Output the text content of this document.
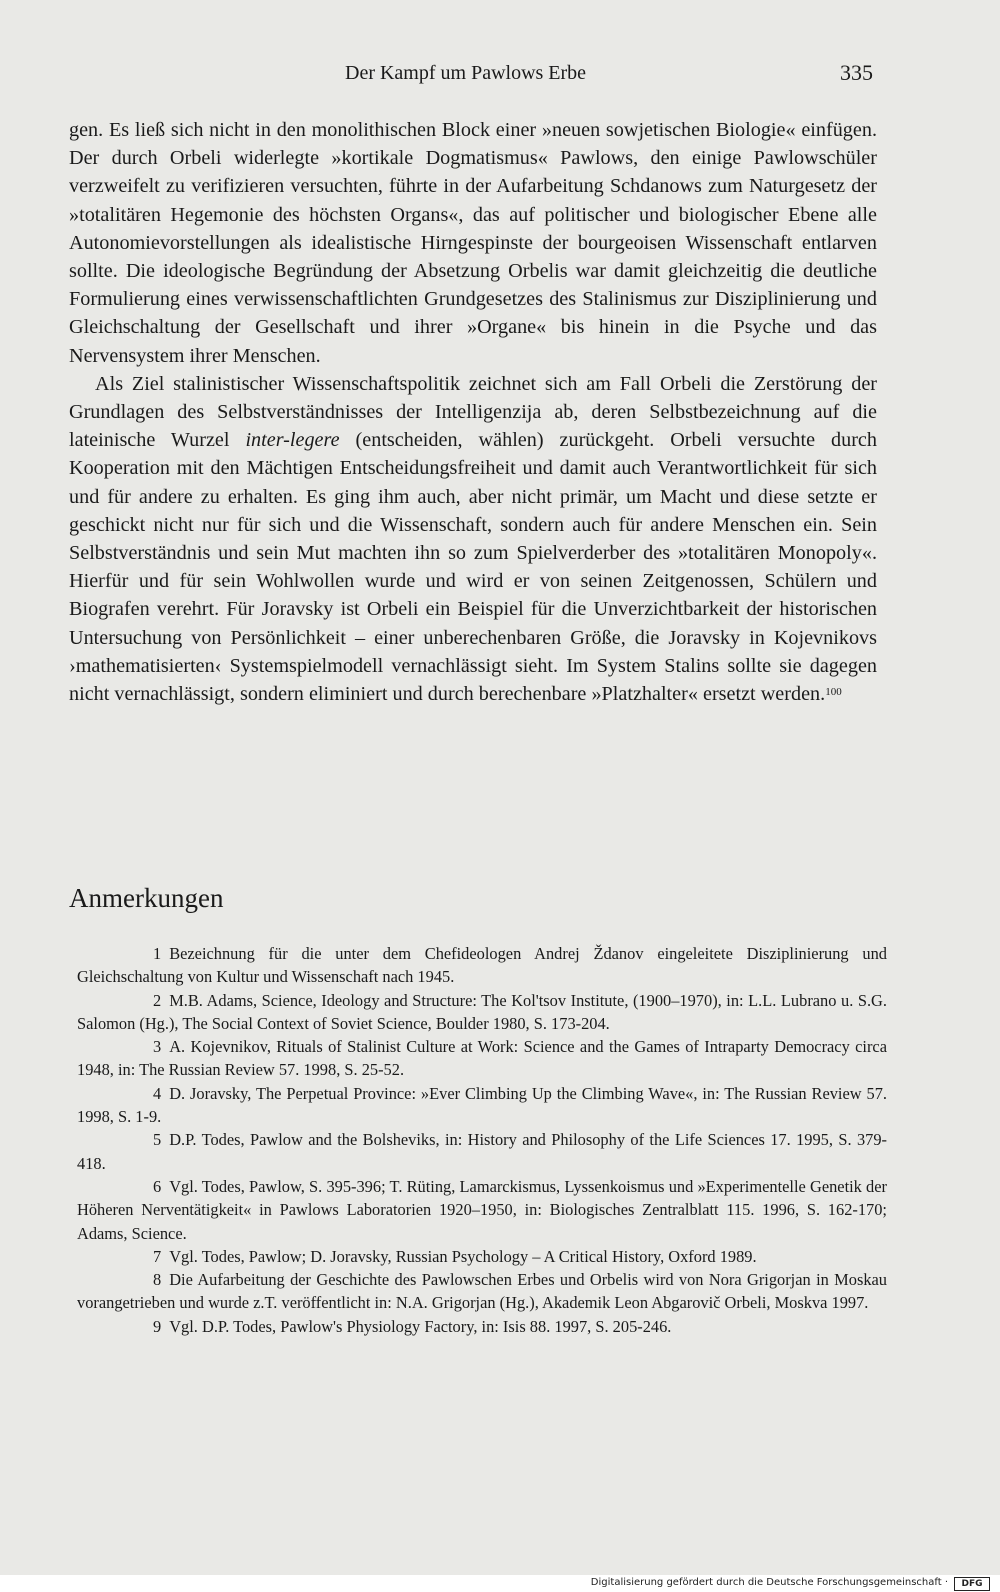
Der Kampf um Pawlows Erbe	335

gen. Es ließ sich nicht in den monolithischen Block einer »neuen sowjetischen Biologie« einfügen. Der durch Orbeli widerlegte »kortikale Dogmatismus« Pawlows, den einige Pawlowschüler verzweifelt zu verifizieren versuchten, führte in der Aufarbeitung Schdanows zum Naturgesetz der »totalitären Hegemonie des höchsten Organs«, das auf politischer und biologischer Ebene alle Autonomievorstellungen als idealistische Hirngespinste der bourgeoisen Wissenschaft entlarven sollte. Die ideologische Begründung der Absetzung Orbelis war damit gleichzeitig die deutliche Formulierung eines verwissenschaftlichten Grundgesetzes des Stalinismus zur Disziplinierung und Gleichschaltung der Gesellschaft und ihrer »Organe« bis hinein in die Psyche und das Nervensystem ihrer Menschen.

Als Ziel stalinistischer Wissenschaftspolitik zeichnet sich am Fall Orbeli die Zerstörung der Grundlagen des Selbstverständnisses der Intelligenzija ab, deren Selbstbezeichnung auf die lateinische Wurzel inter-legere (entscheiden, wählen) zurückgeht. Orbeli versuchte durch Kooperation mit den Mächtigen Entscheidungsfreiheit und damit auch Verantwortlichkeit für sich und für andere zu erhalten. Es ging ihm auch, aber nicht primär, um Macht und diese setzte er geschickt nicht nur für sich und die Wissenschaft, sondern auch für andere Menschen ein. Sein Selbstverständnis und sein Mut machten ihn so zum Spielverderber des »totalitären Monopoly«. Hierfür und für sein Wohlwollen wurde und wird er von seinen Zeitgenossen, Schülern und Biografen verehrt. Für Joravsky ist Orbeli ein Beispiel für die Unverzichtbarkeit der historischen Untersuchung von Persönlichkeit – einer unberechenbaren Größe, die Joravsky in Kojevnikovs ›mathematisierten‹ Systemspielmodell vernachlässigt sieht. Im System Stalins sollte sie dagegen nicht vernachlässigt, sondern eliminiert und durch berechenbare »Platzhalter« ersetzt werden.$^{100}$

Anmerkungen

1 Bezeichnung für die unter dem Chefideologen Andrej Ždanov eingeleitete Disziplinierung und Gleichschaltung von Kultur und Wissenschaft nach 1945.

2 M.B. Adams, Science, Ideology and Structure: The Kol'tsov Institute, (1900–1970), in: L.L. Lubrano u. S.G. Salomon (Hg.), The Social Context of Soviet Science, Boulder 1980, S. 173-204.

3 A. Kojevnikov, Rituals of Stalinist Culture at Work: Science and the Games of Intraparty Democracy circa 1948, in: The Russian Review 57. 1998, S. 25-52.

4 D. Joravsky, The Perpetual Province: »Ever Climbing Up the Climbing Wave«, in: The Russian Review 57. 1998, S. 1-9.

5 D.P. Todes, Pawlow and the Bolsheviks, in: History and Philosophy of the Life Sciences 17. 1995, S. 379-418.

6 Vgl. Todes, Pawlow, S. 395-396; T. Rüting, Lamarckismus, Lyssenkoismus und »Experimentelle Genetik der Höheren Nerventätigkeit« in Pawlows Laboratorien 1920–1950, in: Biologisches Zentralblatt 115. 1996, S. 162-170; Adams, Science.

7 Vgl. Todes, Pawlow; D. Joravsky, Russian Psychology – A Critical History, Oxford 1989.

8 Die Aufarbeitung der Geschichte des Pawlowschen Erbes und Orbelis wird von Nora Grigorjan in Moskau vorangetrieben und wurde z.T. veröffentlicht in: N.A. Grigorjan (Hg.), Akademik Leon Abgarovič Orbeli, Moskva 1997.

9 Vgl. D.P. Todes, Pawlow's Physiology Factory, in: Isis 88. 1997, S. 205-246.

Digitalisierung gefördert durch die Deutsche Forschungsgemeinschaft ·	DFG
